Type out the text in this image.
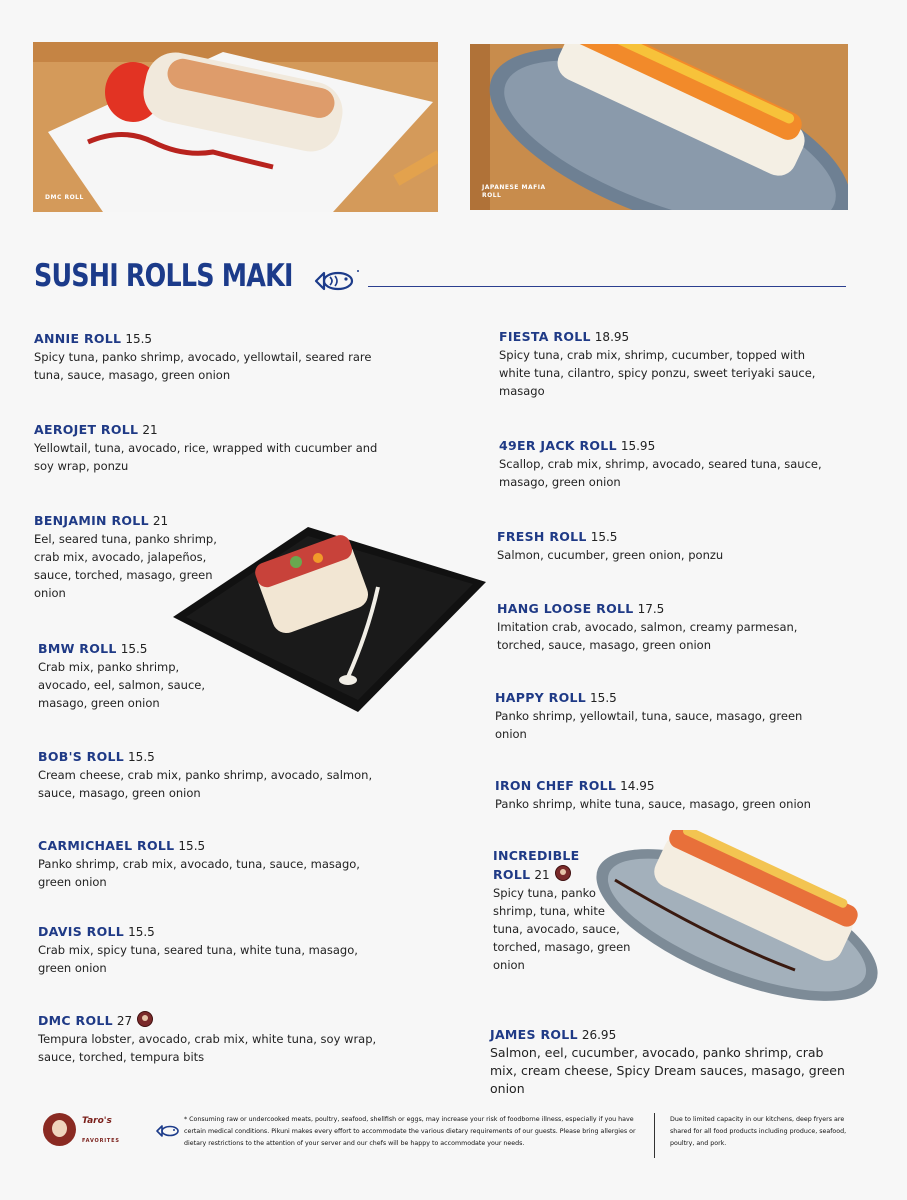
DMC ROLL
JAPANESE MAFIA ROLL
SUSHI ROLLS MAKI
ANNIE ROLL 15.5
Spicy tuna, panko shrimp, avocado, yellowtail, seared rare tuna, sauce, masago, green onion
AEROJET ROLL 21
Yellowtail, tuna, avocado, rice, wrapped with cucumber and soy wrap, ponzu
BENJAMIN ROLL 21
Eel, seared tuna, panko shrimp, crab mix, avocado, jalapeños, sauce, torched, masago, green onion
BMW ROLL 15.5
Crab mix, panko shrimp, avocado, eel, salmon, sauce, masago, green onion
BOB'S ROLL 15.5
Cream cheese, crab mix, panko shrimp, avocado, salmon, sauce, masago, green onion
CARMICHAEL ROLL 15.5
Panko shrimp, crab mix, avocado, tuna, sauce, masago, green onion
DAVIS ROLL 15.5
Crab mix, spicy tuna, seared tuna, white tuna, masago, green onion
DMC ROLL 27
Tempura lobster, avocado, crab mix, white tuna, soy wrap, sauce, torched, tempura bits
FIESTA ROLL 18.95
Spicy tuna, crab mix, shrimp, cucumber, topped with white tuna, cilantro, spicy ponzu, sweet teriyaki sauce, masago
49ER JACK ROLL 15.95
Scallop, crab mix, shrimp, avocado, seared tuna, sauce, masago, green onion
FRESH ROLL 15.5
Salmon, cucumber, green onion, ponzu
HANG LOOSE ROLL 17.5
Imitation crab, avocado, salmon, creamy parmesan, torched, sauce, masago, green onion
HAPPY ROLL 15.5
Panko shrimp, yellowtail, tuna, sauce, masago, green onion
IRON CHEF ROLL 14.95
Panko shrimp, white tuna, sauce, masago, green onion
INCREDIBLE
ROLL 21
Spicy tuna, panko shrimp, tuna, white tuna, avocado, sauce, torched, masago, green onion
JAMES ROLL 26.95
Salmon, eel, cucumber, avocado, panko shrimp, crab mix, cream cheese, Spicy Dream sauces, masago, green onion
Taro's
FAVORITES
* Consuming raw or undercooked meats, poultry, seafood, shellfish or eggs, may increase your risk of foodborne illness, especially if you have certain medical conditions. Pikuni makes every effort to accommodate the various dietary requirements of our guests. Please bring allergies or dietary restrictions to the attention of your server and our chefs will be happy to accommodate your needs.
Due to limited capacity in our kitchens, deep fryers are shared for all food products including produce, seafood, poultry, and pork.
